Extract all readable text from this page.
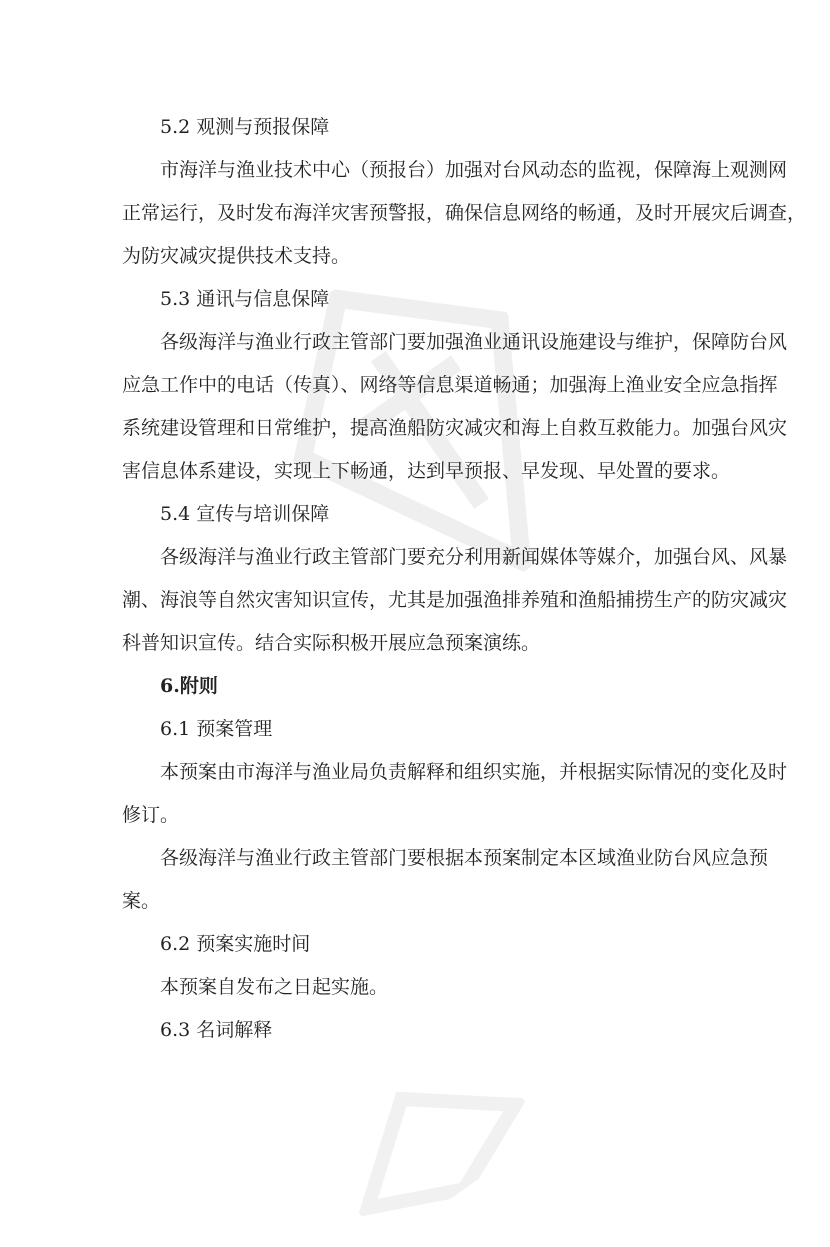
5.2 观测与预报保障
市海洋与渔业技术中心（预报台）加强对台风动态的监视，保障海上观测网
正常运行，及时发布海洋灾害预警报，确保信息网络的畅通，及时开展灾后调查，
为防灾减灾提供技术支持。
5.3 通讯与信息保障
各级海洋与渔业行政主管部门要加强渔业通讯设施建设与维护，保障防台风
应急工作中的电话（传真）、网络等信息渠道畅通；加强海上渔业安全应急指挥
系统建设管理和日常维护，提高渔船防灾减灾和海上自救互救能力。加强台风灾
害信息体系建设，实现上下畅通，达到早预报、早发现、早处置的要求。
5.4 宣传与培训保障
各级海洋与渔业行政主管部门要充分利用新闻媒体等媒介，加强台风、风暴
潮、海浪等自然灾害知识宣传，尤其是加强渔排养殖和渔船捕捞生产的防灾减灾
科普知识宣传。结合实际积极开展应急预案演练。
6.附则
6.1 预案管理
本预案由市海洋与渔业局负责解释和组织实施，并根据实际情况的变化及时
修订。
各级海洋与渔业行政主管部门要根据本预案制定本区域渔业防台风应急预
案。
6.2 预案实施时间
本预案自发布之日起实施。
6.3 名词解释
